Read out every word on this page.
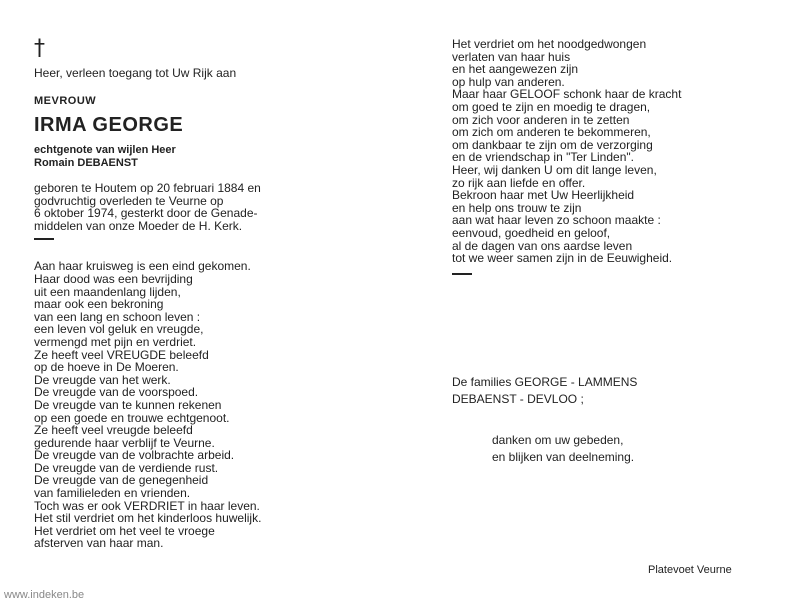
†
Heer, verleen toegang tot Uw Rijk aan
MEVROUW
IRMA GEORGE
echtgenote van wijlen Heer
Romain DEBAENST
geboren te Houtem op 20 februari 1884 en
godvruchtig overleden te Veurne op
6 oktober 1974, gesterkt door de Genade-
middelen van onze Moeder de H. Kerk.
Aan haar kruisweg is een eind gekomen.
Haar dood was een bevrijding
uit een maandenlang lijden,
maar ook een bekroning
van een lang en schoon leven :
een leven vol geluk en vreugde,
vermengd met pijn en verdriet.
Ze heeft veel VREUGDE beleefd
op de hoeve in De Moeren.
De vreugde van het werk.
De vreugde van de voorspoed.
De vreugde van te kunnen rekenen
op een goede en trouwe echtgenoot.
Ze heeft veel vreugde beleefd
gedurende haar verblijf te Veurne.
De vreugde van de volbrachte arbeid.
De vreugde van de verdiende rust.
De vreugde van de genegenheid
van familieleden en vrienden.
Toch was er ook VERDRIET in haar leven.
Het stil verdriet om het kinderloos huwelijk.
Het verdriet om het veel te vroege
afsterven van haar man.
Het verdriet om het noodgedwongen
verlaten van haar huis
en het aangewezen zijn
op hulp van anderen.
Maar haar GELOOF schonk haar de kracht
om goed te zijn en moedig te dragen,
om zich voor anderen in te zetten
om zich om anderen te bekommeren,
om dankbaar te zijn om de verzorging
en de vriendschap in "Ter Linden".
Heer, wij danken U om dit lange leven,
zo rijk aan liefde en offer.
Bekroon haar met Uw Heerlijkheid
en help ons trouw te zijn
aan wat haar leven zo schoon maakte :
eenvoud, goedheid en geloof,
al de dagen van ons aardse leven
tot we weer samen zijn in de Eeuwigheid.
De families GEORGE - LAMMENS
DEBAENST - DEVLOO ;
danken om uw gebeden,
en blijken van deelneming.
Platevoet Veurne
www.indeken.be
